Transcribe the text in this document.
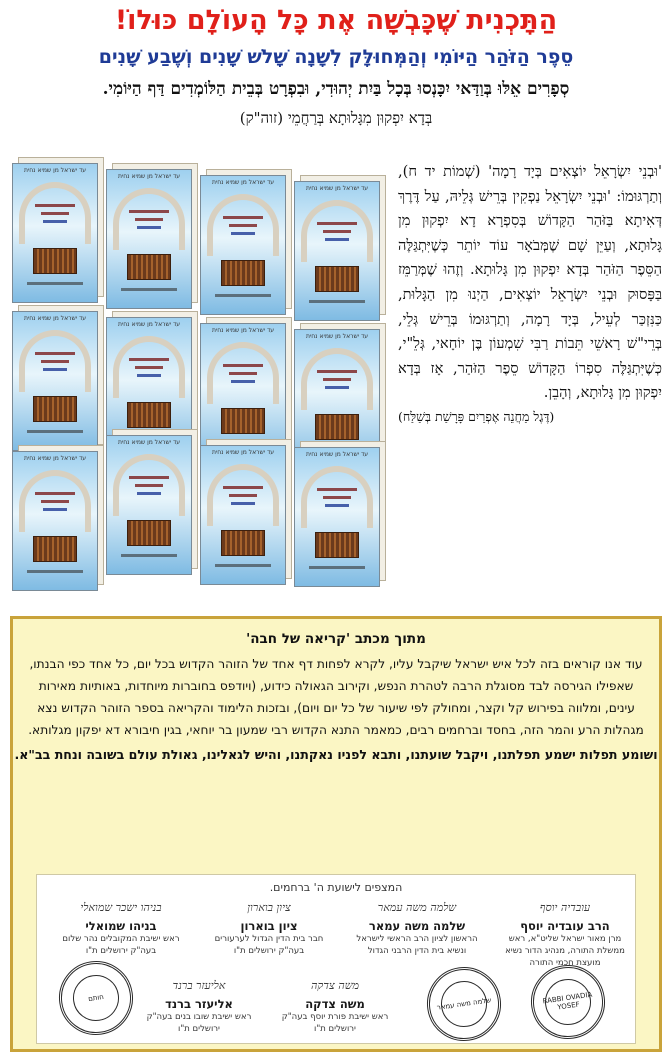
הַתָּכְנִית שֶׁכָּבְשָׁה אֶת כָּל הָעוֹלָם כּוּלוֹ!
סֵפֶר הַזֹּהַר הַיּוֹמִי וְהַמְּחוּלָּק לִשָׁנָה שָׁלֹשׁ שָׁנִים וְשֶׁבַע שָׁנִים
סְפָרִים אֵלּוּ בְּוַדַּאי יִכָּנְסוּ בְּכָל בַּיִת יְהוּדִי, וּבִפְרָט בְּבֵית הַלּוֹמְדִים דַּף הַיּוֹמִי.
בְּדָא יִפְקוּן מִגָּלוּתָא בְּרַחֲמֵי (זוה"ק)
עד ישראל מן שמיא נחית
עד ישראל מן שמיא נחית
עד ישראל מן שמיא נחית
עד ישראל מן שמיא נחית
עד ישראל מן שמיא נחית
עד ישראל מן שמיא נחית
עד ישראל מן שמיא נחית
עד ישראל מן שמיא נחית
עד ישראל מן שמיא נחית
עד ישראל מן שמיא נחית
עד ישראל מן שמיא נחית	עד ישראל מן שמיא נחית

'וּבְנֵי יִשְׂרָאֵל יוֹצְאִים בְּיָד רָמָה' (שְׁמוֹת יד ח), וְתַרְגּוּמוֹ: 'וּבְנֵי יִשְׂרָאֵל נַפְקִין בְּרֵישׁ גְּלֵיהּ, עַל דֶּרֶךְ דְּאִיתָא בַּזֹּהַר הַקָּדוֹשׁ בְּסִפְרָא דָא יִפְקוּן מִן גָּלוּתָא, וְעַיֵּן שָׁם שֶׁמְּבֹאָר עוֹד יוֹתֵר כְּשֶׁיִּתְגַּלֶּה הַסֵּפֶר הַזֹּהַר בְּדָא יִפְקוּן מִן גָּלוּתָא. וְזֶהוּ שֶׁמְּרַמֵּז בַּפָּסוּק וּבְנֵי יִשְׂרָאֵל יוֹצְאִים, הַיְנוּ מִן הַגָּלוּת, כַּנִּזְכַּר לְעֵיל, בְּיָד רָמָה, וְתַרְגּוּמוֹ בְּרֵישׁ גְּלֵי, בְּרֵי"שׁ רָאשֵׁי תֵּבוֹת רַבִּי שִׁמְעוֹן בֶּן יוֹחָאי, גְּלֵ"י, כְּשֶׁיִּתְגַּלֶּה סִפְרוֹ הַקָּדוֹשׁ סֵפֶר הַזֹּהַר, אָז בְּדָא יִפְקוּן מִן גָּלוּתָא, וְהָבֵן.

(דֶּגֶל מַחֲנֵה אֶפְרַיִם פָּרָשַׁת בְּשַׁלַּח)

מתוך מכתב 'קריאה של חבה'
עוד אנו קוראים בזה לכל איש ישראל שיקבל עליו, לקרא לפחות דף אחד של הזוהר הקדוש בכל יום, כל אחד כפי הבנתו, שאפילו הגירסה לבד מסוגלת הרבה לטהרת הנפש, וקירוב הגאולה כידוע, (ויודפס בחוברות מיוחדות, באותיות מאירות עינים, ומלווה בפירוש קל וקצר, ומחולק לפי שיעור של כל יום ויום), ובזכות הלימוד והקריאה בספר הזוהר הקדוש נצא מגהלות הרע והמר הזה, בחסד וברחמים רבים, כמאמר התנא הקדוש רבי שמעון בר יוחאי, בגין חיבורא דא יפקון מגלותא.
ושומע תפלות ישמע תפלתנו, ויקבל שועתנו, ותבא לפניו נאקתנו, והיש לגאלינו, גאולת עולם בשובה ונחת בב"א.
המצפים לישועת ה' ברחמים.
עובדיה יוסף
הרב עובדיה יוסף
מרן מאור ישראל שליט"א, ראש ממשלת התורה, מנהיג הדור נשיא מועצת חכמי התורה
שלמה משה עמאר
שלמה משה עמאר
הראשון לציון הרב הראשי לישראל ונשיא בית הדין הרבני הגדול
ציון בוארון
ציון בוארון
חבר בית הדין הגדול לערעורים בעה"ק ירושלים ת"ו
בניהו ישכר שמואלי
בניהו שמואלי
ראש ישיבת המקובלים נהר שלום בעה"ק ירושלים ת"ו
משה צדקה
משה צדקה
ראש ישיבת פורת יוסף בעה"ק ירושלים ת"ו
אליעזר ברנד
אליעזר ברנד
ראש ישיבת שובו בנים בעה"ק ירושלים ת"ו
RABBI OVADIA YOSEF
שלמה משה עמאר
חותם
